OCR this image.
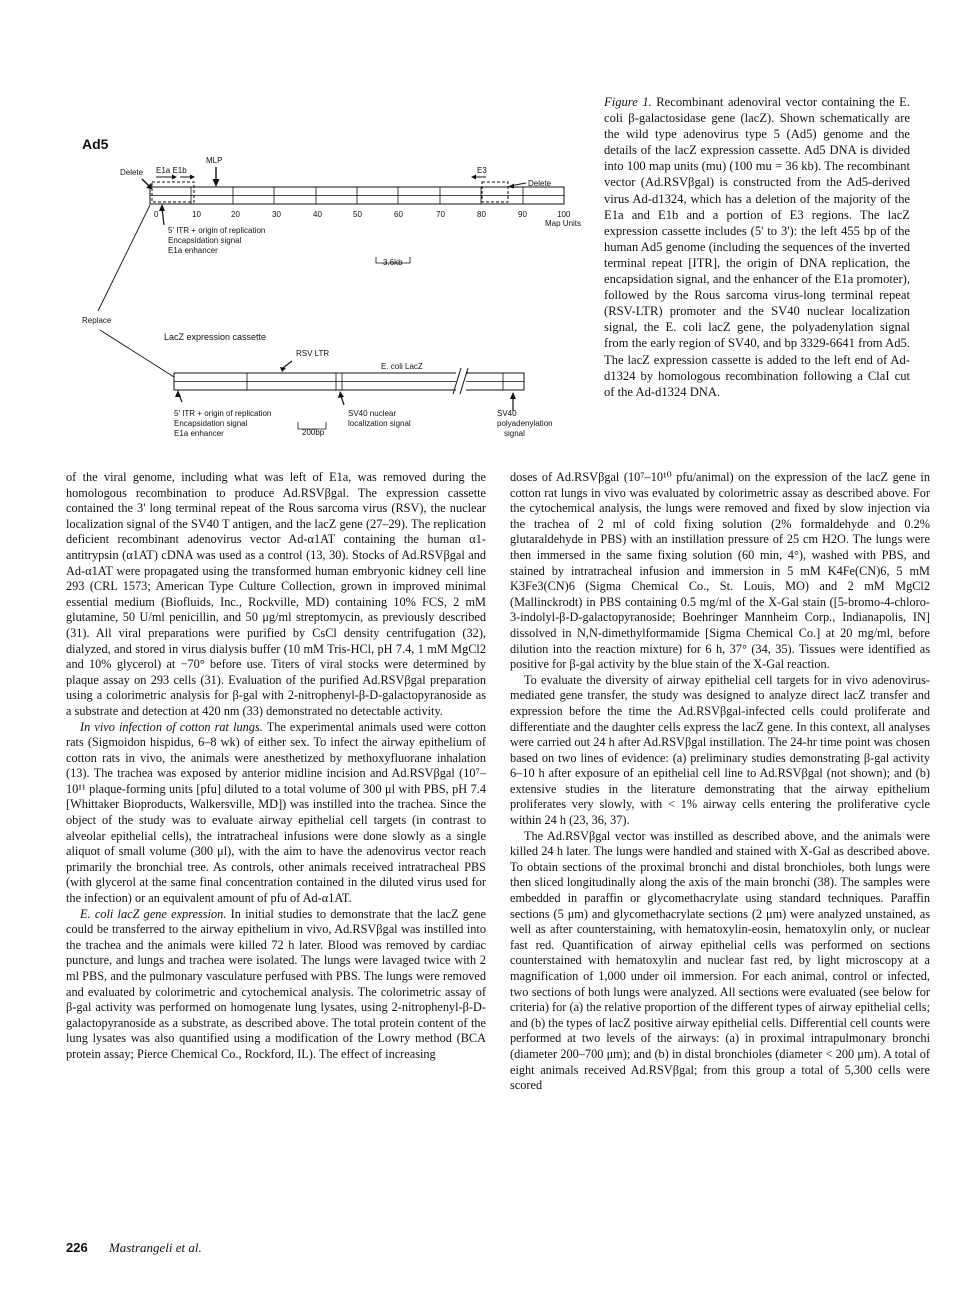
Ad5
E1a E1b
MLP
Delete	E3
Delete
0	10	20	30	40	50	60	70	80	90	100
Map Units
3.6kb
5' ITR + origin of replication
Encapsidation signal
E1a enhancer
Replace
LacZ expression cassette
RSV LTR
E. coli LacZ
5' ITR + origin of replication
Encapsidation signal
E1a enhancer	200bp
SV40 nuclear
localization signal
SV40
polyadenylation
signal
Figure 1. Recombinant adenoviral vector containing the E. coli β-galactosidase gene (lacZ). Shown schematically are the wild type adenovirus type 5 (Ad5) genome and the details of the lacZ expression cassette. Ad5 DNA is divided into 100 map units (mu) (100 mu = 36 kb). The recombinant vector (Ad.RSVβgal) is constructed from the Ad5-derived virus Ad-d1324, which has a deletion of the majority of the E1a and E1b and a portion of E3 regions. The lacZ expression cassette includes (5' to 3'): the left 455 bp of the human Ad5 genome (including the sequences of the inverted terminal repeat [ITR], the origin of DNA replication, the encapsidation signal, and the enhancer of the E1a promoter), followed by the Rous sarcoma virus-long terminal repeat (RSV-LTR) promoter and the SV40 nuclear localization signal, the E. coli lacZ gene, the polyadenylation signal from the early region of SV40, and bp 3329-6641 from Ad5. The lacZ expression cassette is added to the left end of Ad-d1324 by homologous recombination following a ClaI cut of the Ad-d1324 DNA.

of the viral genome, including what was left of E1a, was removed during the homologous recombination to produce Ad.RSVβgal. The expression cassette contained the 3' long terminal repeat of the Rous sarcoma virus (RSV), the nuclear localization signal of the SV40 T antigen, and the lacZ gene (27–29). The replication deficient recombinant adenovirus vector Ad-α1AT containing the human α1-antitrypsin (α1AT) cDNA was used as a control (13, 30). Stocks of Ad.RSVβgal and Ad-α1AT were propagated using the transformed human embryonic kidney cell line 293 (CRL 1573; American Type Culture Collection, grown in improved minimal essential medium (Biofluids, Inc., Rockville, MD) containing 10% FCS, 2 mM glutamine, 50 U/ml penicillin, and 50 μg/ml streptomycin, as previously described (31). All viral preparations were purified by CsCl density centrifugation (32), dialyzed, and stored in virus dialysis buffer (10 mM Tris-HCl, pH 7.4, 1 mM MgCl2 and 10% glycerol) at −70° before use. Titers of viral stocks were determined by plaque assay on 293 cells (31). Evaluation of the purified Ad.RSVβgal preparation using a colorimetric analysis for β-gal with 2-nitrophenyl-β-D-galactopyranoside as a substrate and detection at 420 nm (33) demonstrated no detectable activity.

In vivo infection of cotton rat lungs. The experimental animals used were cotton rats (Sigmoidon hispidus, 6–8 wk) of either sex. To infect the airway epithelium of cotton rats in vivo, the animals were anesthetized by methoxyfluorane inhalation (13). The trachea was exposed by anterior midline incision and Ad.RSVβgal (10⁷–10¹¹ plaque-forming units [pfu] diluted to a total volume of 300 μl with PBS, pH 7.4 [Whittaker Bioproducts, Walkersville, MD]) was instilled into the trachea. Since the object of the study was to evaluate airway epithelial cell targets (in contrast to alveolar epithelial cells), the intratracheal infusions were done slowly as a single aliquot of small volume (300 μl), with the aim to have the adenovirus vector reach primarily the bronchial tree. As controls, other animals received intratracheal PBS (with glycerol at the same final concentration contained in the diluted virus used for the infection) or an equivalent amount of pfu of Ad-α1AT.

E. coli lacZ gene expression. In initial studies to demonstrate that the lacZ gene could be transferred to the airway epithelium in vivo, Ad.RSVβgal was instilled into the trachea and the animals were killed 72 h later. Blood was removed by cardiac puncture, and lungs and trachea were isolated. The lungs were lavaged twice with 2 ml PBS, and the pulmonary vasculature perfused with PBS. The lungs were removed and evaluated by colorimetric and cytochemical analysis. The colorimetric assay of β-gal activity was performed on homogenate lung lysates, using 2-nitrophenyl-β-D-galactopyranoside as a substrate, as described above. The total protein content of the lung lysates was also quantified using a modification of the Lowry method (BCA protein assay; Pierce Chemical Co., Rockford, IL). The effect of increasing

doses of Ad.RSVβgal (10⁷–10¹⁰ pfu/animal) on the expression of the lacZ gene in cotton rat lungs in vivo was evaluated by colorimetric assay as described above. For the cytochemical analysis, the lungs were removed and fixed by slow injection via the trachea of 2 ml of cold fixing solution (2% formaldehyde and 0.2% glutaraldehyde in PBS) with an instillation pressure of 25 cm H2O. The lungs were then immersed in the same fixing solution (60 min, 4°), washed with PBS, and stained by intratracheal infusion and immersion in 5 mM K4Fe(CN)6, 5 mM K3Fe3(CN)6 (Sigma Chemical Co., St. Louis, MO) and 2 mM MgCl2 (Mallinckrodt) in PBS containing 0.5 mg/ml of the X-Gal stain ([5-bromo-4-chloro-3-indolyl-β-D-galactopyranoside; Boehringer Mannheim Corp., Indianapolis, IN] dissolved in N,N-dimethylformamide [Sigma Chemical Co.] at 20 mg/ml, before dilution into the reaction mixture) for 6 h, 37° (34, 35). Tissues were identified as positive for β-gal activity by the blue stain of the X-Gal reaction.

To evaluate the diversity of airway epithelial cell targets for in vivo adenovirus-mediated gene transfer, the study was designed to analyze direct lacZ transfer and expression before the time the Ad.RSVβgal-infected cells could proliferate and differentiate and the daughter cells express the lacZ gene. In this context, all analyses were carried out 24 h after Ad.RSVβgal instillation. The 24-hr time point was chosen based on two lines of evidence: (a) preliminary studies demonstrating β-gal activity 6–10 h after exposure of an epithelial cell line to Ad.RSVβgal (not shown); and (b) extensive studies in the literature demonstrating that the airway epithelium proliferates very slowly, with < 1% airway cells entering the proliferative cycle within 24 h (23, 36, 37).

The Ad.RSVβgal vector was instilled as described above, and the animals were killed 24 h later. The lungs were handled and stained with X-Gal as described above. To obtain sections of the proximal bronchi and distal bronchioles, both lungs were then sliced longitudinally along the axis of the main bronchi (38). The samples were embedded in paraffin or glycomethacrylate using standard techniques. Paraffin sections (5 μm) and glycomethacrylate sections (2 μm) were analyzed unstained, as well as after counterstaining, with hematoxylin-eosin, hematoxylin only, or nuclear fast red. Quantification of airway epithelial cells was performed on sections counterstained with hematoxylin and nuclear fast red, by light microscopy at a magnification of 1,000 under oil immersion. For each animal, control or infected, two sections of both lungs were analyzed. All sections were evaluated (see below for criteria) for (a) the relative proportion of the different types of airway epithelial cells; and (b) the types of lacZ positive airway epithelial cells. Differential cell counts were performed at two levels of the airways: (a) in proximal intrapulmonary bronchi (diameter 200–700 μm); and (b) in distal bronchioles (diameter < 200 μm). A total of eight animals received Ad.RSVβgal; from this group a total of 5,300 cells were scored

226 Mastrangeli et al.
